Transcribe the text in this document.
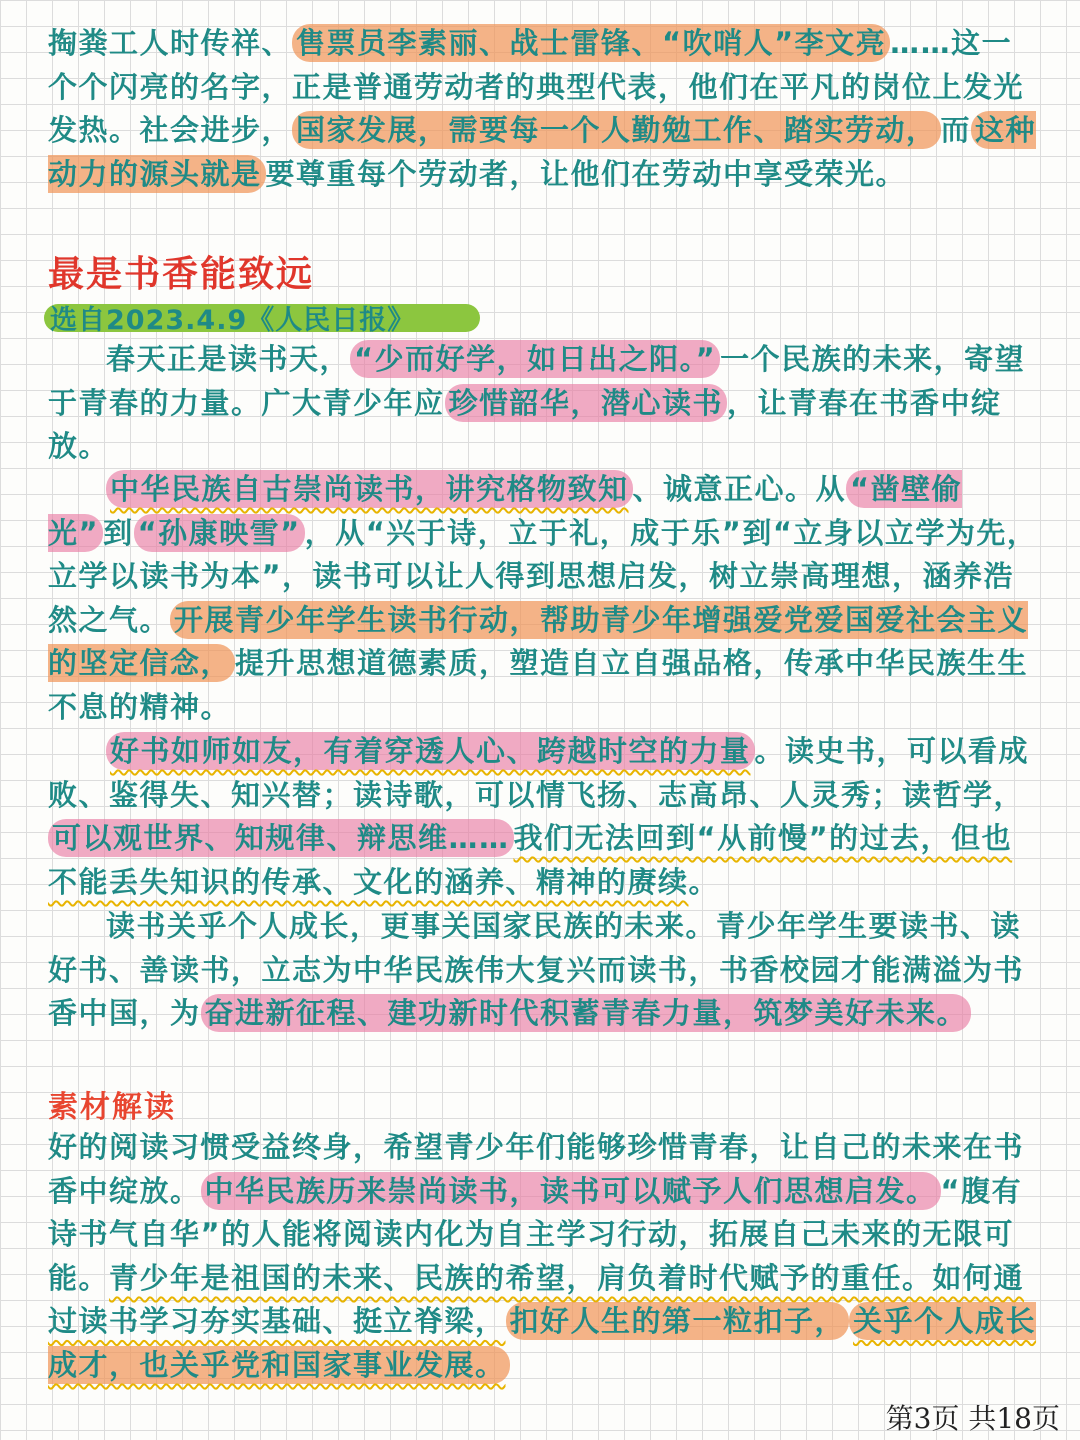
掏粪工人时传祥、 售票员李素丽、战士雷锋、“吹哨人”李文亮 ……这一个个闪亮的名字，正是普通劳动者的典型代表，他们在平凡的岗位上发光发热。社会进步， 国家发展，需要每一个人勤勉工作、踏实劳动， 而 这种动力的源头就是 要尊重每个劳动者，让他们在劳动中享受荣光。

最是书香能致远
选自2023.4.9《人民日报》

春天正是读书天， “少而好学，如日出之阳。” 一个民族的未来，寄望于青春的力量。广大青少年应 珍惜韶华，潜心读书 ，让青春在书香中绽放。

中华民族自古崇尚读书，讲究格物致知 、诚意正心。从 “凿壁偷光” 到 “孙康映雪” ，从“兴于诗，立于礼，成于乐”到“立身以立学为先，立学以读书为本”，读书可以让人得到思想启发，树立崇高理想，涵养浩然之气。 开展青少年学生读书行动，帮助青少年增强爱党爱国爱社会主义的坚定信念， 提升思想道德素质，塑造自立自强品格，传承中华民族生生不息的精神。

好书如师如友，有着穿透人心、跨越时空的力量 。读史书，可以看成败、鉴得失、知兴替；读诗歌，可以情飞扬、志高昂、人灵秀；读哲学，可以观世界、知规律、辩思维…… 我们无法回到“从前慢”的过去，但也不能丢失知识的传承、文化的涵养、精神的赓续。

读书关乎个人成长，更事关国家民族的未来。青少年学生要读书、读好书、善读书，立志为中华民族伟大复兴而读书，书香校园才能满溢为书香中国，为 奋进新征程、建功新时代积蓄青春力量，筑梦美好未来。

素材解读

好的阅读习惯受益终身，希望青少年们能够珍惜青春，让自己的未来在书香中绽放。 中华民族历来崇尚读书，读书可以赋予人们思想启发。 “腹有诗书气自华”的人能将阅读内化为自主学习行动，拓展自己未来的无限可能。青少年是祖国的未来、民族的希望，肩负着时代赋予的重任。如何通过读书学习夯实基础、挺立脊梁， 扣好人生的第一粒扣子， 关乎个人成长成才，也关乎党和国家事业发展。

第3页 共18页
